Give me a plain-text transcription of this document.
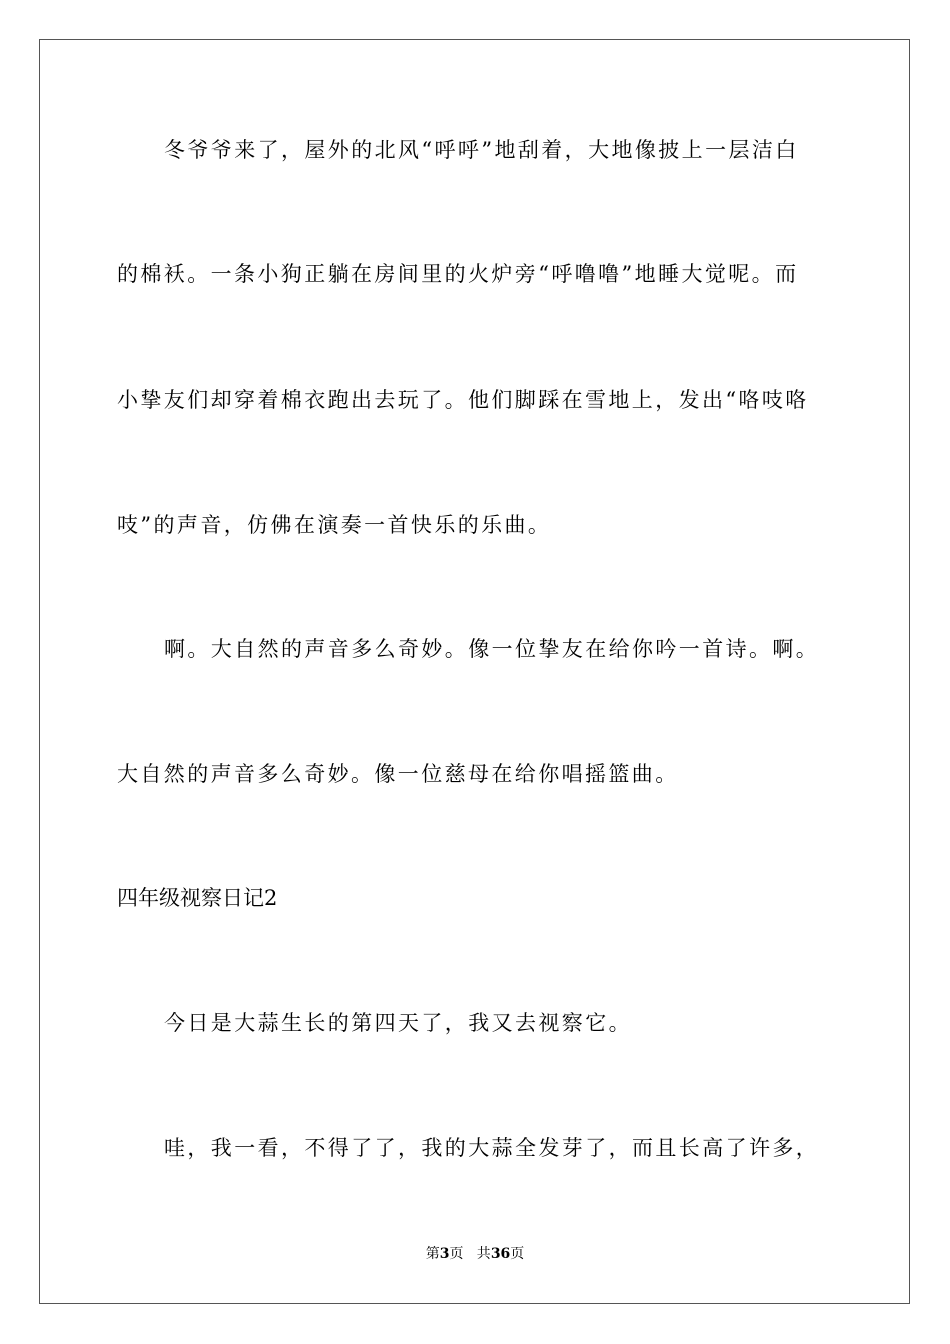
冬爷爷来了，屋外的北风“呼呼”地刮着，大地像披上一层洁白

的棉袄。一条小狗正躺在房间里的火炉旁“呼噜噜”地睡大觉呢。而

小挚友们却穿着棉衣跑出去玩了。他们脚踩在雪地上，发出“咯吱咯

吱”的声音，仿佛在演奏一首快乐的乐曲。

啊。大自然的声音多么奇妙。像一位挚友在给你吟一首诗。啊。

大自然的声音多么奇妙。像一位慈母在给你唱摇篮曲。

四年级视察日记2

今日是大蒜生长的第四天了，我又去视察它。

哇，我一看，不得了了，我的大蒜全发芽了，而且长高了许多，

第3页   共36页
